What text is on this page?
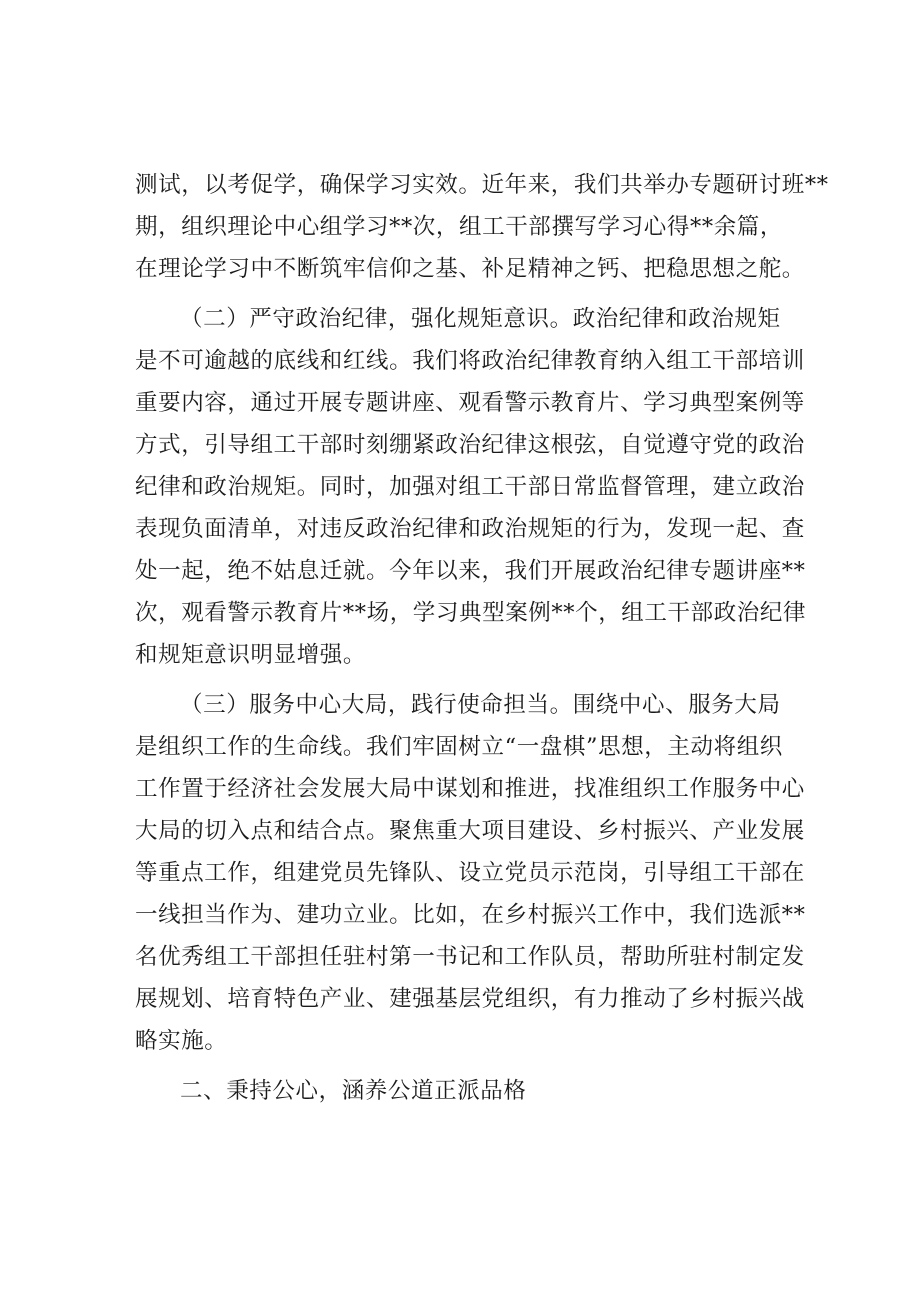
测试，以考促学，确保学习实效。近年来，我们共举办专题研讨班**

期，组织理论中心组学习**次，组工干部撰写学习心得**余篇，

在理论学习中不断筑牢信仰之基、补足精神之钙、把稳思想之舵。

（二）严守政治纪律，强化规矩意识。政治纪律和政治规矩

是不可逾越的底线和红线。我们将政治纪律教育纳入组工干部培训

重要内容，通过开展专题讲座、观看警示教育片、学习典型案例等

方式，引导组工干部时刻绷紧政治纪律这根弦，自觉遵守党的政治

纪律和政治规矩。同时，加强对组工干部日常监督管理，建立政治

表现负面清单，对违反政治纪律和政治规矩的行为，发现一起、查

处一起，绝不姑息迁就。今年以来，我们开展政治纪律专题讲座**

次，观看警示教育片**场，学习典型案例**个，组工干部政治纪律

和规矩意识明显增强。

（三）服务中心大局，践行使命担当。围绕中心、服务大局

是组织工作的生命线。我们牢固树立“一盘棋”思想，主动将组织

工作置于经济社会发展大局中谋划和推进，找准组织工作服务中心

大局的切入点和结合点。聚焦重大项目建设、乡村振兴、产业发展

等重点工作，组建党员先锋队、设立党员示范岗，引导组工干部在

一线担当作为、建功立业。比如，在乡村振兴工作中，我们选派**

名优秀组工干部担任驻村第一书记和工作队员，帮助所驻村制定发

展规划、培育特色产业、建强基层党组织，有力推动了乡村振兴战

略实施。

二、秉持公心，涵养公道正派品格
